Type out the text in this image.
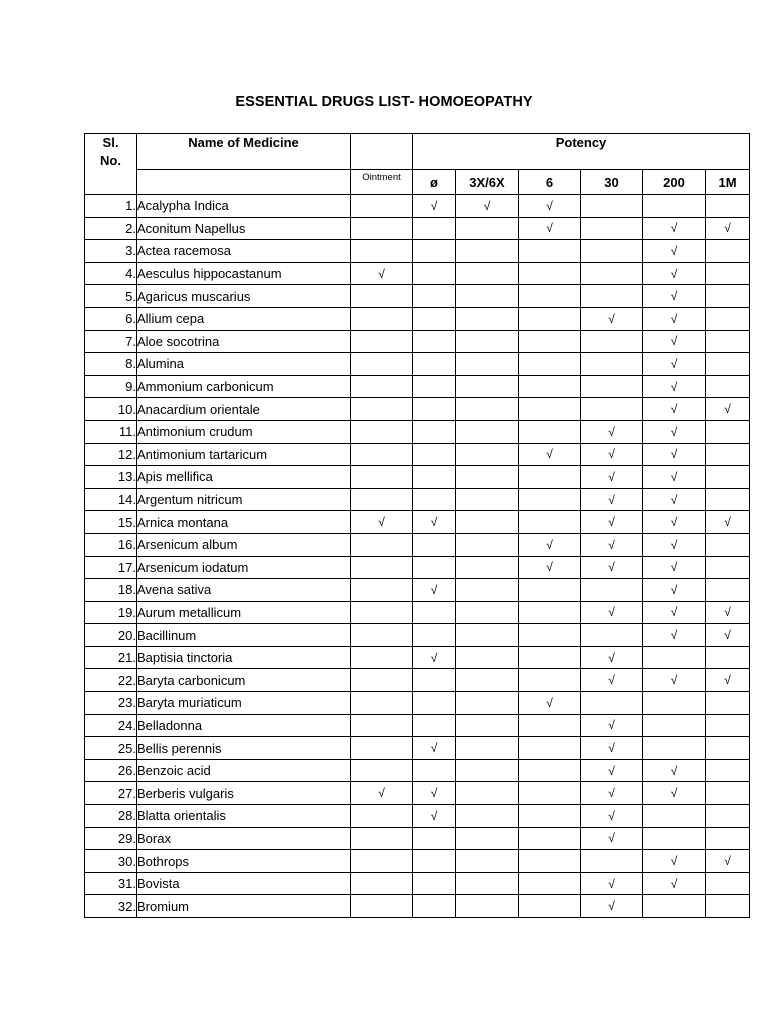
ESSENTIAL DRUGS LIST- HOMOEOPATHY
Sl.
No.	Name of Medicine		Potency					
		Ointment	ø	3X/6X	6	30	200	1M
1.	Acalypha Indica		√	√	√			
2.	Aconitum Napellus				√		√	√
3.	Actea racemosa						√	
4.	Aesculus hippocastanum	√					√	
5.	Agaricus muscarius						√	
6.	Allium cepa					√	√	
7.	Aloe socotrina						√	
8.	Alumina						√	
9.	Ammonium carbonicum						√	
10.	Anacardium orientale						√	√
11.	Antimonium crudum					√	√	
12.	Antimonium tartaricum				√	√	√	
13.	Apis mellifica					√	√	
14.	Argentum nitricum					√	√	
15.	Arnica montana	√	√			√	√	√
16.	Arsenicum album				√	√	√	
17.	Arsenicum iodatum				√	√	√	
18.	Avena sativa		√				√	
19.	Aurum metallicum					√	√	√
20.	Bacillinum						√	√
21.	Baptisia tinctoria		√			√		
22.	Baryta carbonicum					√	√	√
23.	Baryta muriaticum				√			
24.	Belladonna					√		
25.	Bellis perennis		√			√		
26.	Benzoic acid					√	√	
27.	Berberis vulgaris	√	√			√	√	
28.	Blatta orientalis		√			√		
29.	Borax					√		
30.	Bothrops						√	√
31.	Bovista					√	√	
32.	Bromium					√		
